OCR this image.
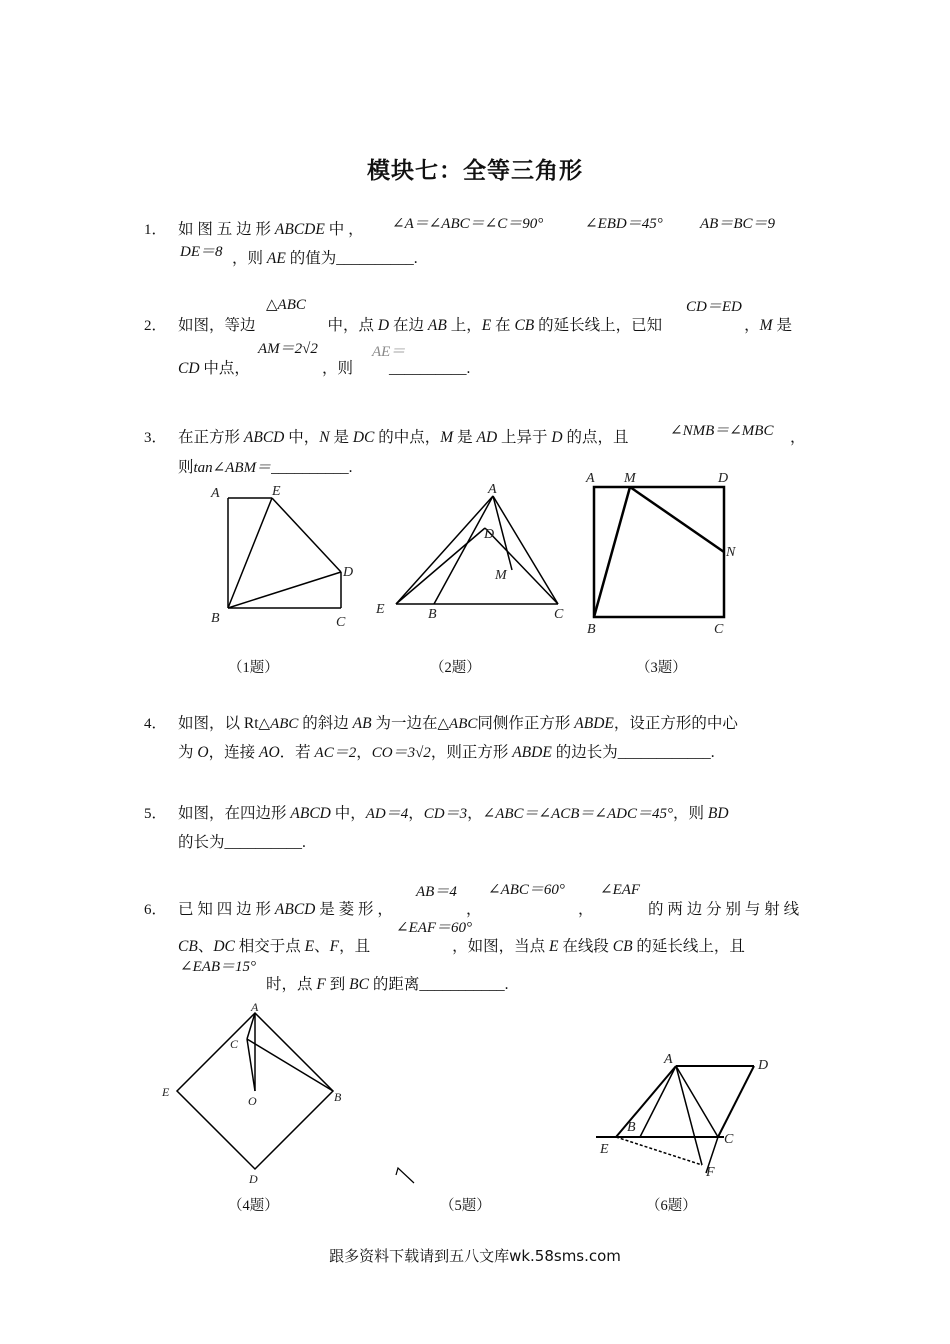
模块七：全等三角形
1． 如 图 五 边 形 ABCDE 中 ， ∠A＝∠ABC＝∠C＝90°	∠EBD＝45° AB＝BC＝9
DE＝8 ，则 AE 的值为__________.
2．
△ABC	CD＝ED
如图，等边	中，点 D 在边 AB 上，E 在 CB 的延长线上，已知	，M 是
AM＝2√2	AE＝
CD 中点，	，则 __________.
3． 在正方形 ABCD 中，N 是 DC 的中点，M 是 AD 上异于 D 的点，且	∠NMB＝∠MBC ，
则tan∠ABM＝__________.
A	E
D
B	C
A
D
M
E	B	C
A M	D
N
B	C
（1题）	（2题）	（3题）
4． 如图，以 Rt△ABC 的斜边 AB 为一边在△ABC同侧作正方形 ABDE，设正方形的中心
为 O，连接 AO．若 AC＝2，CO＝3√2，则正方形 ABDE 的边长为____________.
5． 如图，在四边形 ABCD 中，AD＝4，CD＝3，∠ABC＝∠ACB＝∠ADC＝45°，则 BD
的长为__________.
AB＝4 ∠ABC＝60° ∠EAF
6． 已 知 四 边 形 ABCD 是 菱 形 ，	，	，	的 两 边 分 别 与 射 线
∠EAF＝60°
CB、DC 相交于点 E、F，且	，如图，当点 E 在线段 CB 的延长线上，且
∠EAB＝15°
时，点 F 到 BC 的距离___________.
A
C
E
O	B
D
A	D
B
C
E
F
（4题）	（5题）	（6题）
跟多资料下载请到五八文库wk.58sms.com
